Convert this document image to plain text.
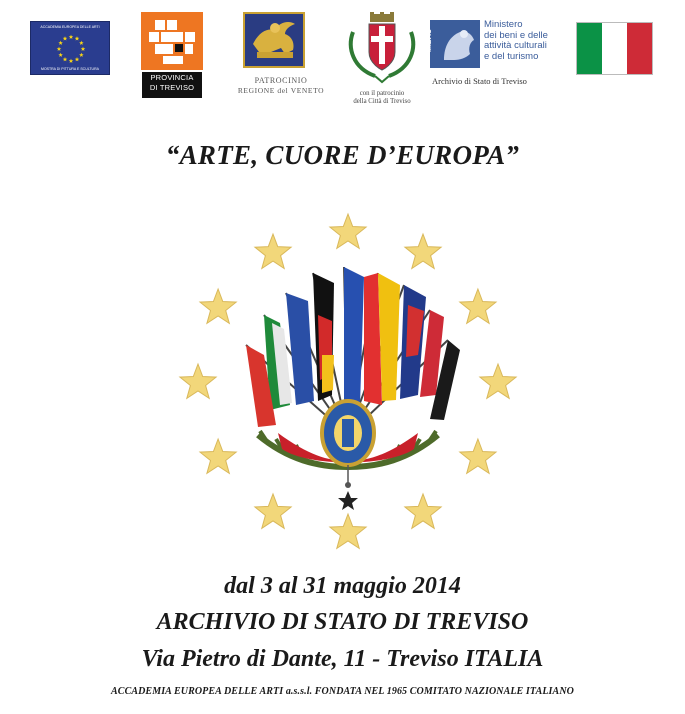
ACCADEMIA EUROPEA DELLE ARTI
MOSTRA DI PITTURA E SCULTURA
PROVINCIA
DI TREVISO
PATROCINIO
REGIONE del VENETO	con il patrocinio
della Città di Treviso
MiBAC
Ministero
dei beni e delle
attività culturali
e del turismo
Archivio di Stato di Treviso
“ARTE, CUORE D’EUROPA”
dal 3 al 31 maggio 2014
ARCHIVIO DI STATO DI TREVISO
Via Pietro di Dante, 11 - Treviso ITALIA
ACCADEMIA EUROPEA DELLE ARTI a.s.s.l. FONDATA NEL 1965 COMITATO NAZIONALE ITALIANO
